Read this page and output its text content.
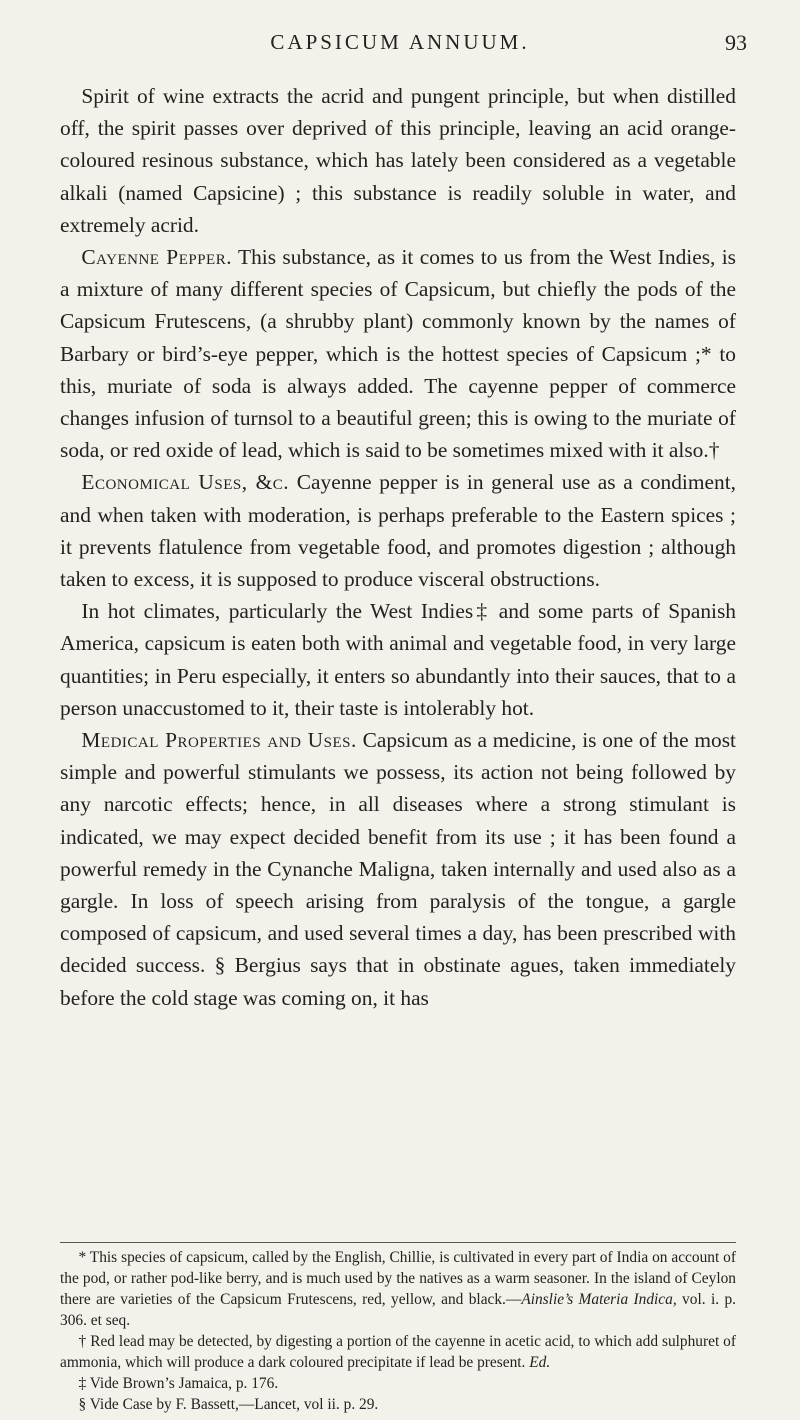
CAPSICUM ANNUUM.	93

Spirit of wine extracts the acrid and pungent principle, but when distilled off, the spirit passes over deprived of this principle, leaving an acid orange-coloured resinous substance, which has lately been considered as a vegetable alkali (named Capsicine) ; this substance is readily soluble in water, and extremely acrid.

Cayenne Pepper. This substance, as it comes to us from the West Indies, is a mixture of many different species of Capsicum, but chiefly the pods of the Capsicum Frutescens, (a shrubby plant) commonly known by the names of Barbary or bird’s-eye pepper, which is the hottest species of Capsicum ;* to this, muriate of soda is always added. The cayenne pepper of commerce changes infusion of turnsol to a beautiful green; this is owing to the muriate of soda, or red oxide of lead, which is said to be sometimes mixed with it also.†

Economical Uses, &c. Cayenne pepper is in general use as a condiment, and when taken with moderation, is perhaps preferable to the Eastern spices ; it prevents flatulence from vegetable food, and promotes digestion ; although taken to excess, it is supposed to produce visceral obstructions.

In hot climates, particularly the West Indies‡ and some parts of Spanish America, capsicum is eaten both with animal and vegetable food, in very large quantities; in Peru especially, it enters so abundantly into their sauces, that to a person unaccustomed to it, their taste is intolerably hot.

Medical Properties and Uses. Capsicum as a medicine, is one of the most simple and powerful stimulants we possess, its action not being followed by any narcotic effects; hence, in all diseases where a strong stimulant is indicated, we may expect decided benefit from its use ; it has been found a powerful remedy in the Cynanche Maligna, taken internally and used also as a gargle. In loss of speech arising from paralysis of the tongue, a gargle composed of capsicum, and used several times a day, has been prescribed with decided success. § Bergius says that in obstinate agues, taken immediately before the cold stage was coming on, it has

* This species of capsicum, called by the English, Chillie, is cultivated in every part of India on account of the pod, or rather pod-like berry, and is much used by the natives as a warm seasoner. In the island of Ceylon there are varieties of the Capsicum Frutescens, red, yellow, and black.—Ainslie’s Materia Indica, vol. i. p. 306. et seq.

† Red lead may be detected, by digesting a portion of the cayenne in acetic acid, to which add sulphuret of ammonia, which will produce a dark coloured precipitate if lead be present. Ed.

‡ Vide Brown’s Jamaica, p. 176.

§ Vide Case by F. Bassett,—Lancet, vol ii. p. 29.
